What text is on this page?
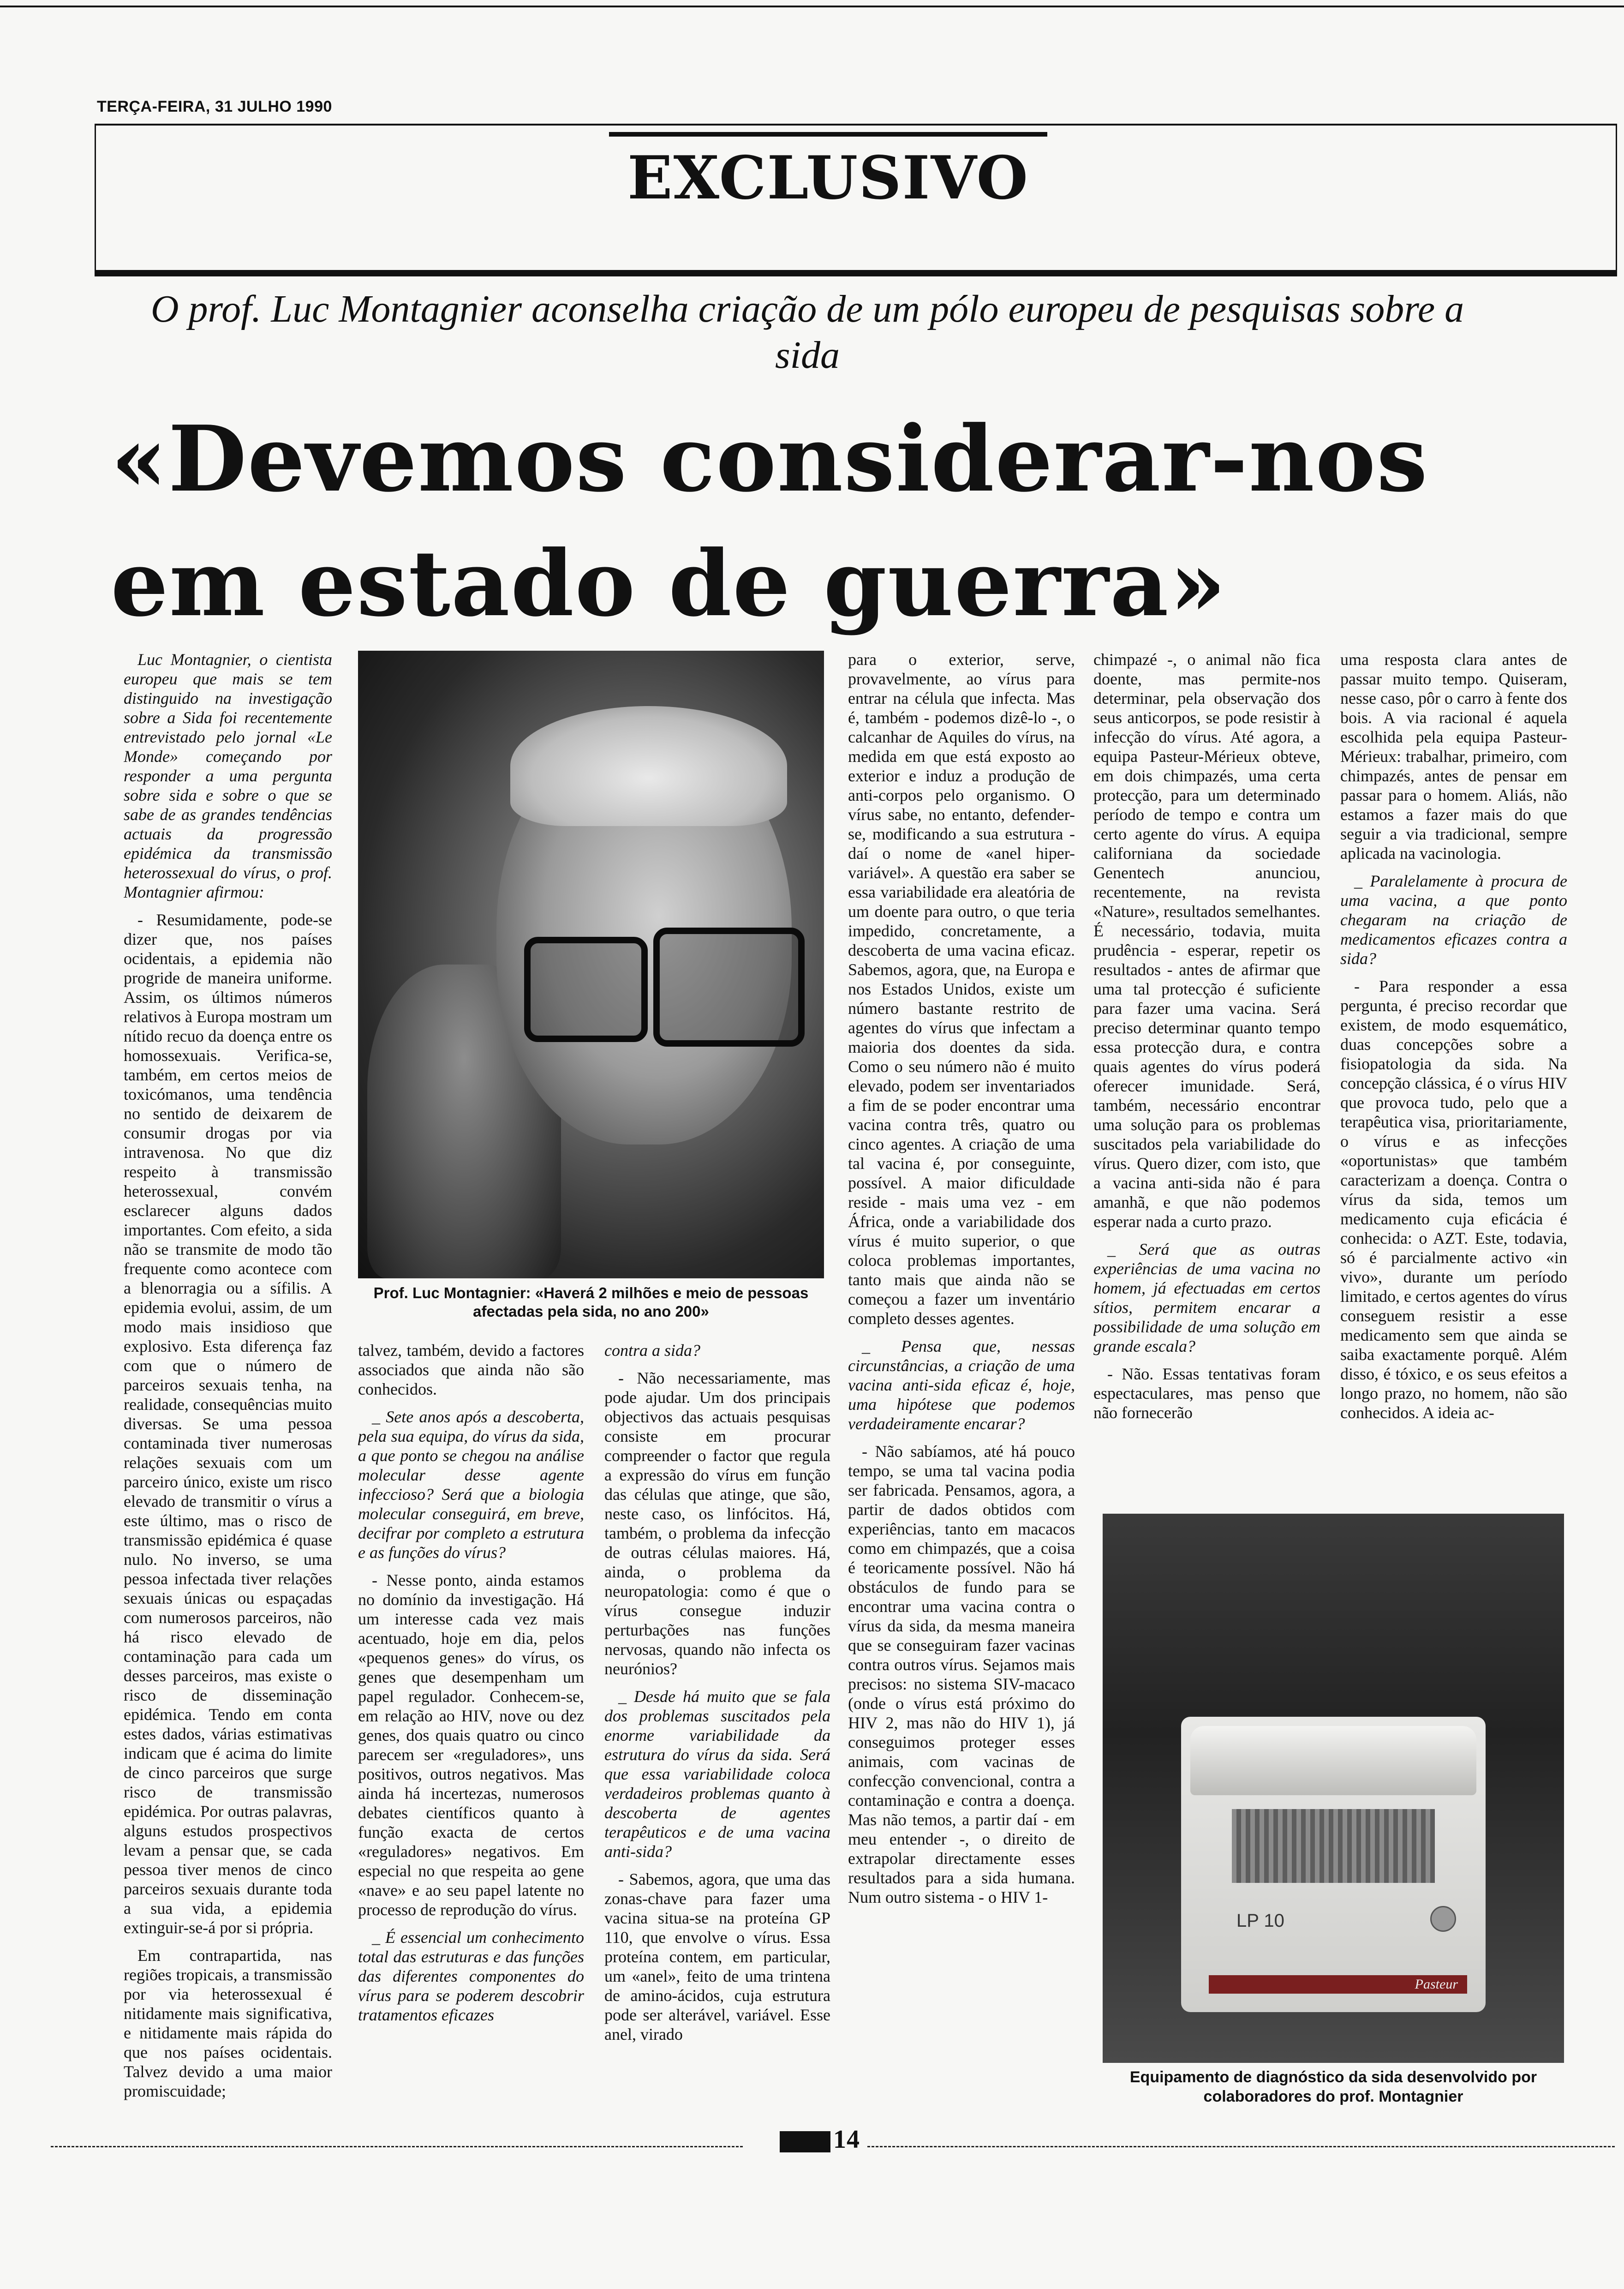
TERÇA-FEIRA, 31 JULHO 1990
EXCLUSIVO
O prof. Luc Montagnier aconselha criação de um pólo europeu de pesquisas sobre a sida
«Devemos considerar-nos em estado de guerra»

Luc Montagnier, o cientista europeu que mais se tem distinguido na investigação sobre a Sida foi recentemente entrevistado pelo jornal «Le Monde» começando por responder a uma pergunta sobre sida e sobre o que se sabe de as grandes tendências actuais da progressão epidémica da transmissão heterossexual do vírus, o prof. Montagnier afirmou:

- Resumidamente, pode-se dizer que, nos países ocidentais, a epidemia não progride de maneira uniforme. Assim, os últimos números relativos à Europa mostram um nítido recuo da doença entre os homossexuais. Verifica-se, também, em certos meios de toxicómanos, uma tendência no sentido de deixarem de consumir drogas por via intravenosa. No que diz respeito à transmissão heterossexual, convém esclarecer alguns dados importantes. Com efeito, a sida não se transmite de modo tão frequente como acontece com a blenorragia ou a sífilis. A epidemia evolui, assim, de um modo mais insidioso que explosivo. Esta diferença faz com que o número de parceiros sexuais tenha, na realidade, consequências muito diversas. Se uma pessoa contaminada tiver numerosas relações sexuais com um parceiro único, existe um risco elevado de transmitir o vírus a este último, mas o risco de transmissão epidémica é quase nulo. No inverso, se uma pessoa infectada tiver relações sexuais únicas ou espaçadas com numerosos parceiros, não há risco elevado de contaminação para cada um desses parceiros, mas existe o risco de disseminação epidémica. Tendo em conta estes dados, várias estimativas indicam que é acima do limite de cinco parceiros que surge risco de transmissão epidémica. Por outras palavras, alguns estudos prospectivos levam a pensar que, se cada pessoa tiver menos de cinco parceiros sexuais durante toda a sua vida, a epidemia extinguir-se-á por si própria.

Em contrapartida, nas regiões tropicais, a transmissão por via heterossexual é nitidamente mais significativa, e nitidamente mais rápida do que nos países ocidentais. Talvez devido a uma maior promiscuidade;

Prof. Luc Montagnier: «Haverá 2 milhões e meio de pessoas afectadas pela sida, no ano 200»

talvez, também, devido a factores associados que ainda não são conhecidos.

_ Sete anos após a descoberta, pela sua equipa, do vírus da sida, a que ponto se chegou na análise molecular desse agente infeccioso? Será que a biologia molecular conseguirá, em breve, decifrar por completo a estrutura e as funções do vírus?

- Nesse ponto, ainda estamos no domínio da investigação. Há um interesse cada vez mais acentuado, hoje em dia, pelos «pequenos genes» do vírus, os genes que desempenham um papel regulador. Conhecem-se, em relação ao HIV, nove ou dez genes, dos quais quatro ou cinco parecem ser «reguladores», uns positivos, outros negativos. Mas ainda há incertezas, numerosos debates científicos quanto à função exacta de certos «reguladores» negativos. Em especial no que respeita ao gene «nave» e ao seu papel latente no processo de reprodução do vírus.

_ É essencial um conhecimento total das estruturas e das funções das diferentes componentes do vírus para se poderem descobrir tratamentos eficazes

contra a sida?

- Não necessariamente, mas pode ajudar. Um dos principais objectivos das actuais pesquisas consiste em procurar compreender o factor que regula a expressão do vírus em função das células que atinge, que são, neste caso, os linfócitos. Há, também, o problema da infecção de outras células maiores. Há, ainda, o problema da neuropatologia: como é que o vírus consegue induzir perturbações nas funções nervosas, quando não infecta os neurónios?

_ Desde há muito que se fala dos problemas suscitados pela enorme variabilidade da estrutura do vírus da sida. Será que essa variabilidade coloca verdadeiros problemas quanto à descoberta de agentes terapêuticos e de uma vacina anti-sida?

- Sabemos, agora, que uma das zonas-chave para fazer uma vacina situa-se na proteína GP 110, que envolve o vírus. Essa proteína contem, em particular, um «anel», feito de uma trintena de amino-ácidos, cuja estrutura pode ser alterável, variável. Esse anel, virado

para o exterior, serve, provavelmente, ao vírus para entrar na célula que infecta. Mas é, também - podemos dizê-lo -, o calcanhar de Aquiles do vírus, na medida em que está exposto ao exterior e induz a produção de anti-corpos pelo organismo. O vírus sabe, no entanto, defender-se, modificando a sua estrutura - daí o nome de «anel hiper-variável». A questão era saber se essa variabilidade era aleatória de um doente para outro, o que teria impedido, concretamente, a descoberta de uma vacina eficaz. Sabemos, agora, que, na Europa e nos Estados Unidos, existe um número bastante restrito de agentes do vírus que infectam a maioria dos doentes da sida. Como o seu número não é muito elevado, podem ser inventariados a fim de se poder encontrar uma vacina contra três, quatro ou cinco agentes. A criação de uma tal vacina é, por conseguinte, possível. A maior dificuldade reside - mais uma vez - em África, onde a variabilidade dos vírus é muito superior, o que coloca problemas importantes, tanto mais que ainda não se começou a fazer um inventário completo desses agentes.

_ Pensa que, nessas circunstâncias, a criação de uma vacina anti-sida eficaz é, hoje, uma hipótese que podemos verdadeiramente encarar?

- Não sabíamos, até há pouco tempo, se uma tal vacina podia ser fabricada. Pensamos, agora, a partir de dados obtidos com experiências, tanto em macacos como em chimpazés, que a coisa é teoricamente possível. Não há obstáculos de fundo para se encontrar uma vacina contra o vírus da sida, da mesma maneira que se conseguiram fazer vacinas contra outros vírus. Sejamos mais precisos: no sistema SIV-macaco (onde o vírus está próximo do HIV 2, mas não do HIV 1), já conseguimos proteger esses animais, com vacinas de confecção convencional, contra a contaminação e contra a doença. Mas não temos, a partir daí - em meu entender -, o direito de extrapolar directamente esses resultados para a sida humana. Num outro sistema - o HIV 1-

chimpazé -, o animal não fica doente, mas permite-nos determinar, pela observação dos seus anticorpos, se pode resistir à infecção do vírus. Até agora, a equipa Pasteur-Mérieux obteve, em dois chimpazés, uma certa protecção, para um determinado período de tempo e contra um certo agente do vírus. A equipa californiana da sociedade Genentech anunciou, recentemente, na revista «Nature», resultados semelhantes. É necessário, todavia, muita prudência - esperar, repetir os resultados - antes de afirmar que uma tal protecção é suficiente para fazer uma vacina. Será preciso determinar quanto tempo essa protecção dura, e contra quais agentes do vírus poderá oferecer imunidade. Será, também, necessário encontrar uma solução para os problemas suscitados pela variabilidade do vírus. Quero dizer, com isto, que a vacina anti-sida não é para amanhã, e que não podemos esperar nada a curto prazo.

_ Será que as outras experiências de uma vacina no homem, já efectuadas em certos sítios, permitem encarar a possibilidade de uma solução em grande escala?

- Não. Essas tentativas foram espectaculares, mas penso que não fornecerão

uma resposta clara antes de passar muito tempo. Quiseram, nesse caso, pôr o carro à fente dos bois. A via racional é aquela escolhida pela equipa Pasteur-Mérieux: trabalhar, primeiro, com chimpazés, antes de pensar em passar para o homem. Aliás, não estamos a fazer mais do que seguir a via tradicional, sempre aplicada na vacinologia.

_ Paralelamente à procura de uma vacina, a que ponto chegaram na criação de medicamentos eficazes contra a sida?

- Para responder a essa pergunta, é preciso recordar que existem, de modo esquemático, duas concepções sobre a fisiopatologia da sida. Na concepção clássica, é o vírus HIV que provoca tudo, pelo que a terapêutica visa, prioritariamente, o vírus e as infecções «oportunistas» que também caracterizam a doença. Contra o vírus da sida, temos um medicamento cuja eficácia é conhecida: o AZT. Este, todavia, só é parcialmente activo «in vivo», durante um período limitado, e certos agentes do vírus conseguem resistir a esse medicamento sem que ainda se saiba exactamente porquê. Além disso, é tóxico, e os seus efeitos a longo prazo, no homem, não são conhecidos. A ideia ac-

LP 10
Pasteur
Equipamento de diagnóstico da sida desenvolvido por colaboradores do prof. Montagnier
14
